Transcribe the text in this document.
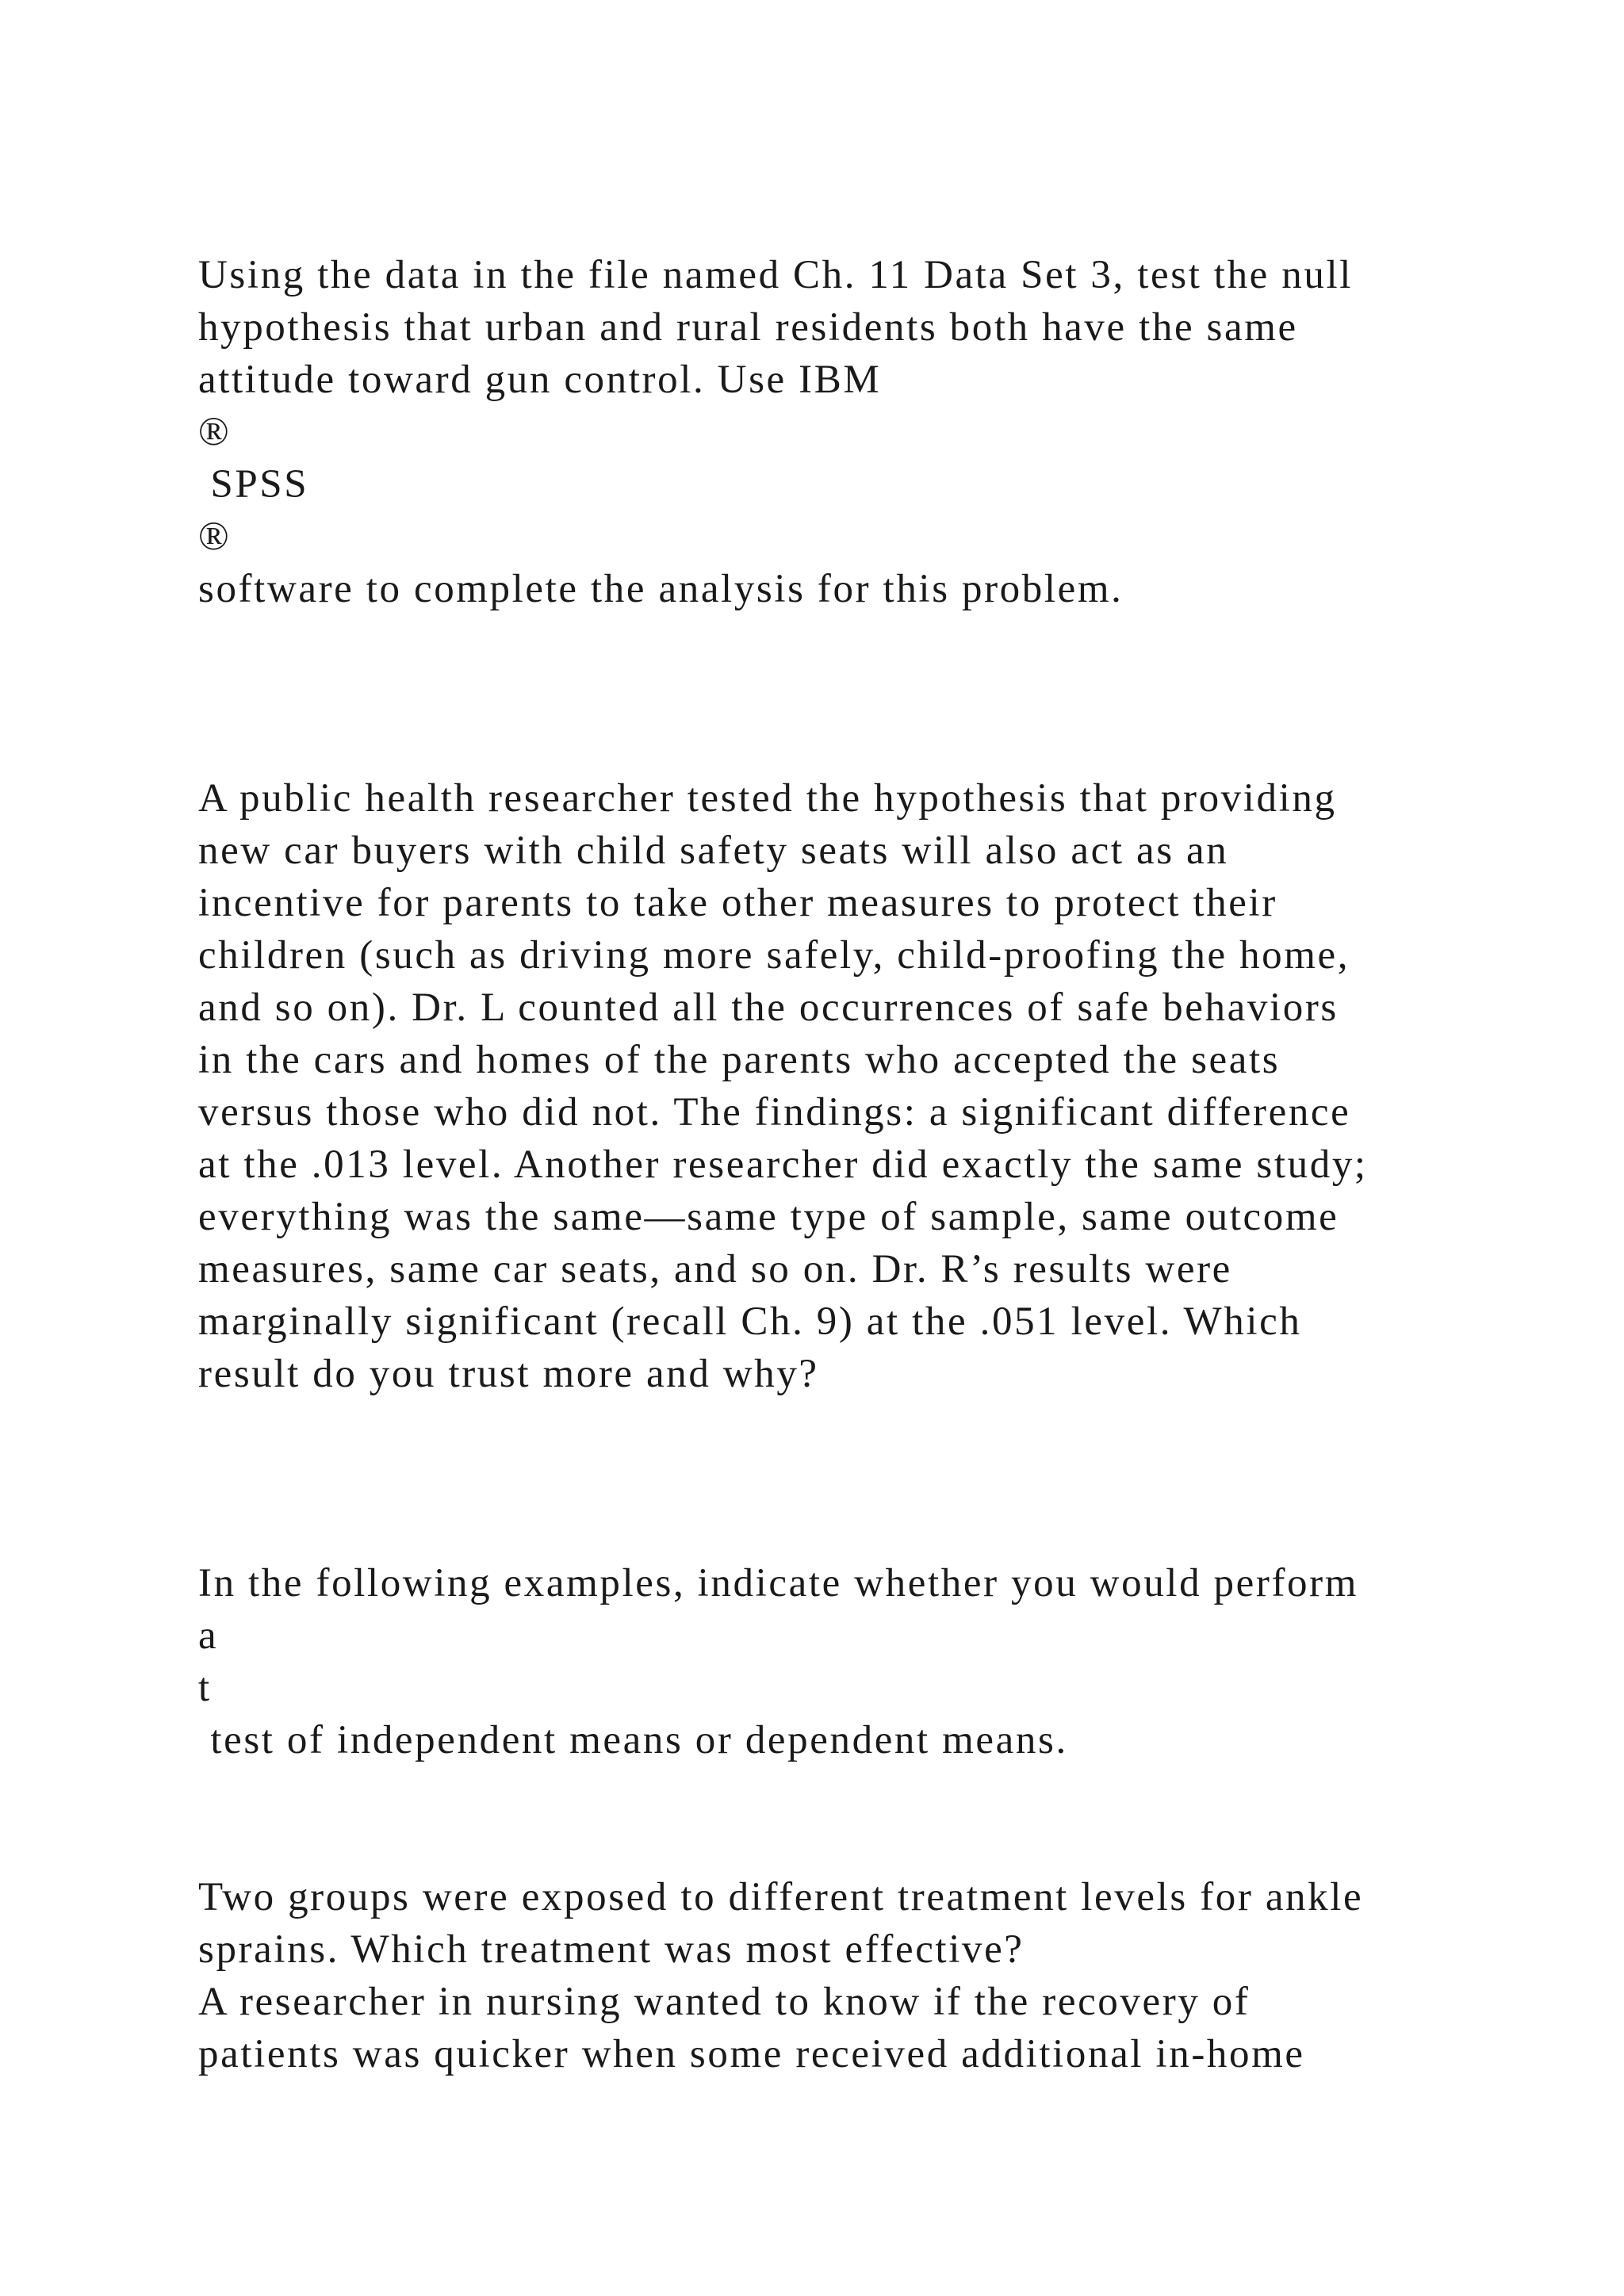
Using the data in the file named Ch. 11 Data Set 3, test the null
hypothesis that urban and rural residents both have the same
attitude toward gun control. Use IBM
®
SPSS
®
software to complete the analysis for this problem.
A public health researcher tested the hypothesis that providing
new car buyers with child safety seats will also act as an
incentive for parents to take other measures to protect their
children (such as driving more safely, child-proofing the home,
and so on). Dr. L counted all the occurrences of safe behaviors
in the cars and homes of the parents who accepted the seats
versus those who did not. The findings: a significant difference
at the .013 level. Another researcher did exactly the same study;
everything was the same—same type of sample, same outcome
measures, same car seats, and so on. Dr. R’s results were
marginally significant (recall Ch. 9) at the .051 level. Which
result do you trust more and why?
In the following examples, indicate whether you would perform
a
t
test of independent means or dependent means.
Two groups were exposed to different treatment levels for ankle
sprains. Which treatment was most effective?
A researcher in nursing wanted to know if the recovery of
patients was quicker when some received additional in-home
